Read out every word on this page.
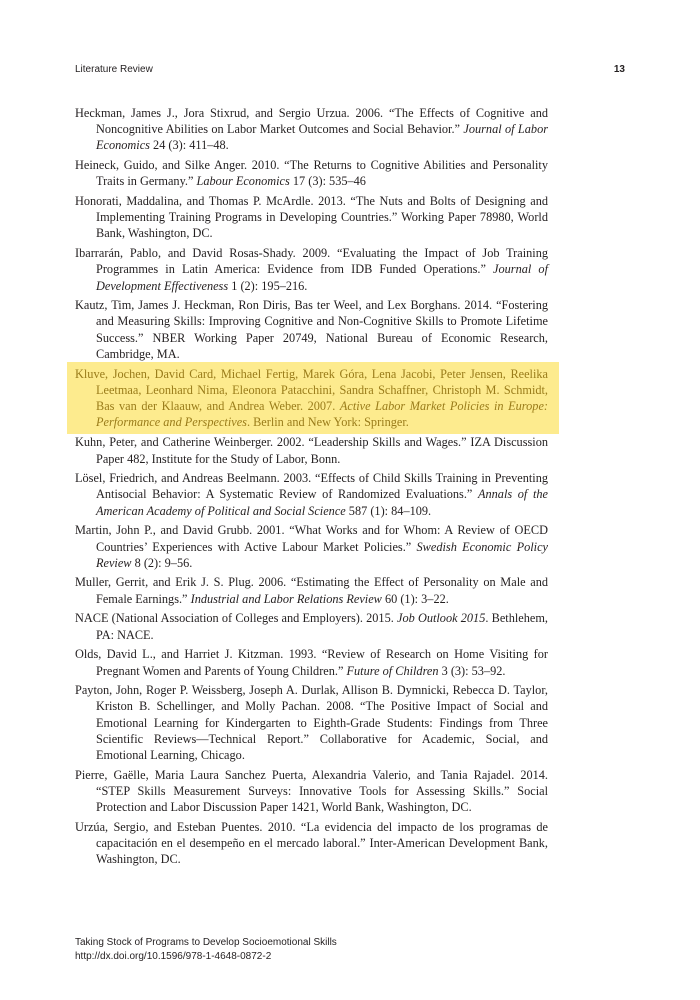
Literature Review	13
Heckman, James J., Jora Stixrud, and Sergio Urzua. 2006. “The Effects of Cognitive and Noncognitive Abilities on Labor Market Outcomes and Social Behavior.” Journal of Labor Economics 24 (3): 411–48.
Heineck, Guido, and Silke Anger. 2010. “The Returns to Cognitive Abilities and Personality Traits in Germany.” Labour Economics 17 (3): 535–46
Honorati, Maddalina, and Thomas P. McArdle. 2013. “The Nuts and Bolts of Designing and Implementing Training Programs in Developing Countries.” Working Paper 78980, World Bank, Washington, DC.
Ibarrarán, Pablo, and David Rosas-Shady. 2009. “Evaluating the Impact of Job Training Programmes in Latin America: Evidence from IDB Funded Operations.” Journal of Development Effectiveness 1 (2): 195–216.
Kautz, Tim, James J. Heckman, Ron Diris, Bas ter Weel, and Lex Borghans. 2014. “Fostering and Measuring Skills: Improving Cognitive and Non-Cognitive Skills to Promote Lifetime Success.” NBER Working Paper 20749, National Bureau of Economic Research, Cambridge, MA.
Kluve, Jochen, David Card, Michael Fertig, Marek Góra, Lena Jacobi, Peter Jensen, Reelika Leetmaa, Leonhard Nima, Eleonora Patacchini, Sandra Schaffner, Christoph M. Schmidt, Bas van der Klaauw, and Andrea Weber. 2007. Active Labor Market Policies in Europe: Performance and Perspectives. Berlin and New York: Springer.
Kuhn, Peter, and Catherine Weinberger. 2002. “Leadership Skills and Wages.” IZA Discussion Paper 482, Institute for the Study of Labor, Bonn.
Lösel, Friedrich, and Andreas Beelmann. 2003. “Effects of Child Skills Training in Preventing Antisocial Behavior: A Systematic Review of Randomized Evaluations.” Annals of the American Academy of Political and Social Science 587 (1): 84–109.
Martin, John P., and David Grubb. 2001. “What Works and for Whom: A Review of OECD Countries’ Experiences with Active Labour Market Policies.” Swedish Economic Policy Review 8 (2): 9–56.
Muller, Gerrit, and Erik J. S. Plug. 2006. “Estimating the Effect of Personality on Male and Female Earnings.” Industrial and Labor Relations Review 60 (1): 3–22.
NACE (National Association of Colleges and Employers). 2015. Job Outlook 2015. Bethlehem, PA: NACE.
Olds, David L., and Harriet J. Kitzman. 1993. “Review of Research on Home Visiting for Pregnant Women and Parents of Young Children.” Future of Children 3 (3): 53–92.
Payton, John, Roger P. Weissberg, Joseph A. Durlak, Allison B. Dymnicki, Rebecca D. Taylor, Kriston B. Schellinger, and Molly Pachan. 2008. “The Positive Impact of Social and Emotional Learning for Kindergarten to Eighth-Grade Students: Findings from Three Scientific Reviews—Technical Report.” Collaborative for Academic, Social, and Emotional Learning, Chicago.
Pierre, Gaëlle, Maria Laura Sanchez Puerta, Alexandria Valerio, and Tania Rajadel. 2014. “STEP Skills Measurement Surveys: Innovative Tools for Assessing Skills.” Social Protection and Labor Discussion Paper 1421, World Bank, Washington, DC.
Urzúa, Sergio, and Esteban Puentes. 2010. “La evidencia del impacto de los programas de capacitación en el desempeño en el mercado laboral.” Inter-American Development Bank, Washington, DC.
Taking Stock of Programs to Develop Socioemotional Skills
http://dx.doi.org/10.1596/978-1-4648-0872-2
